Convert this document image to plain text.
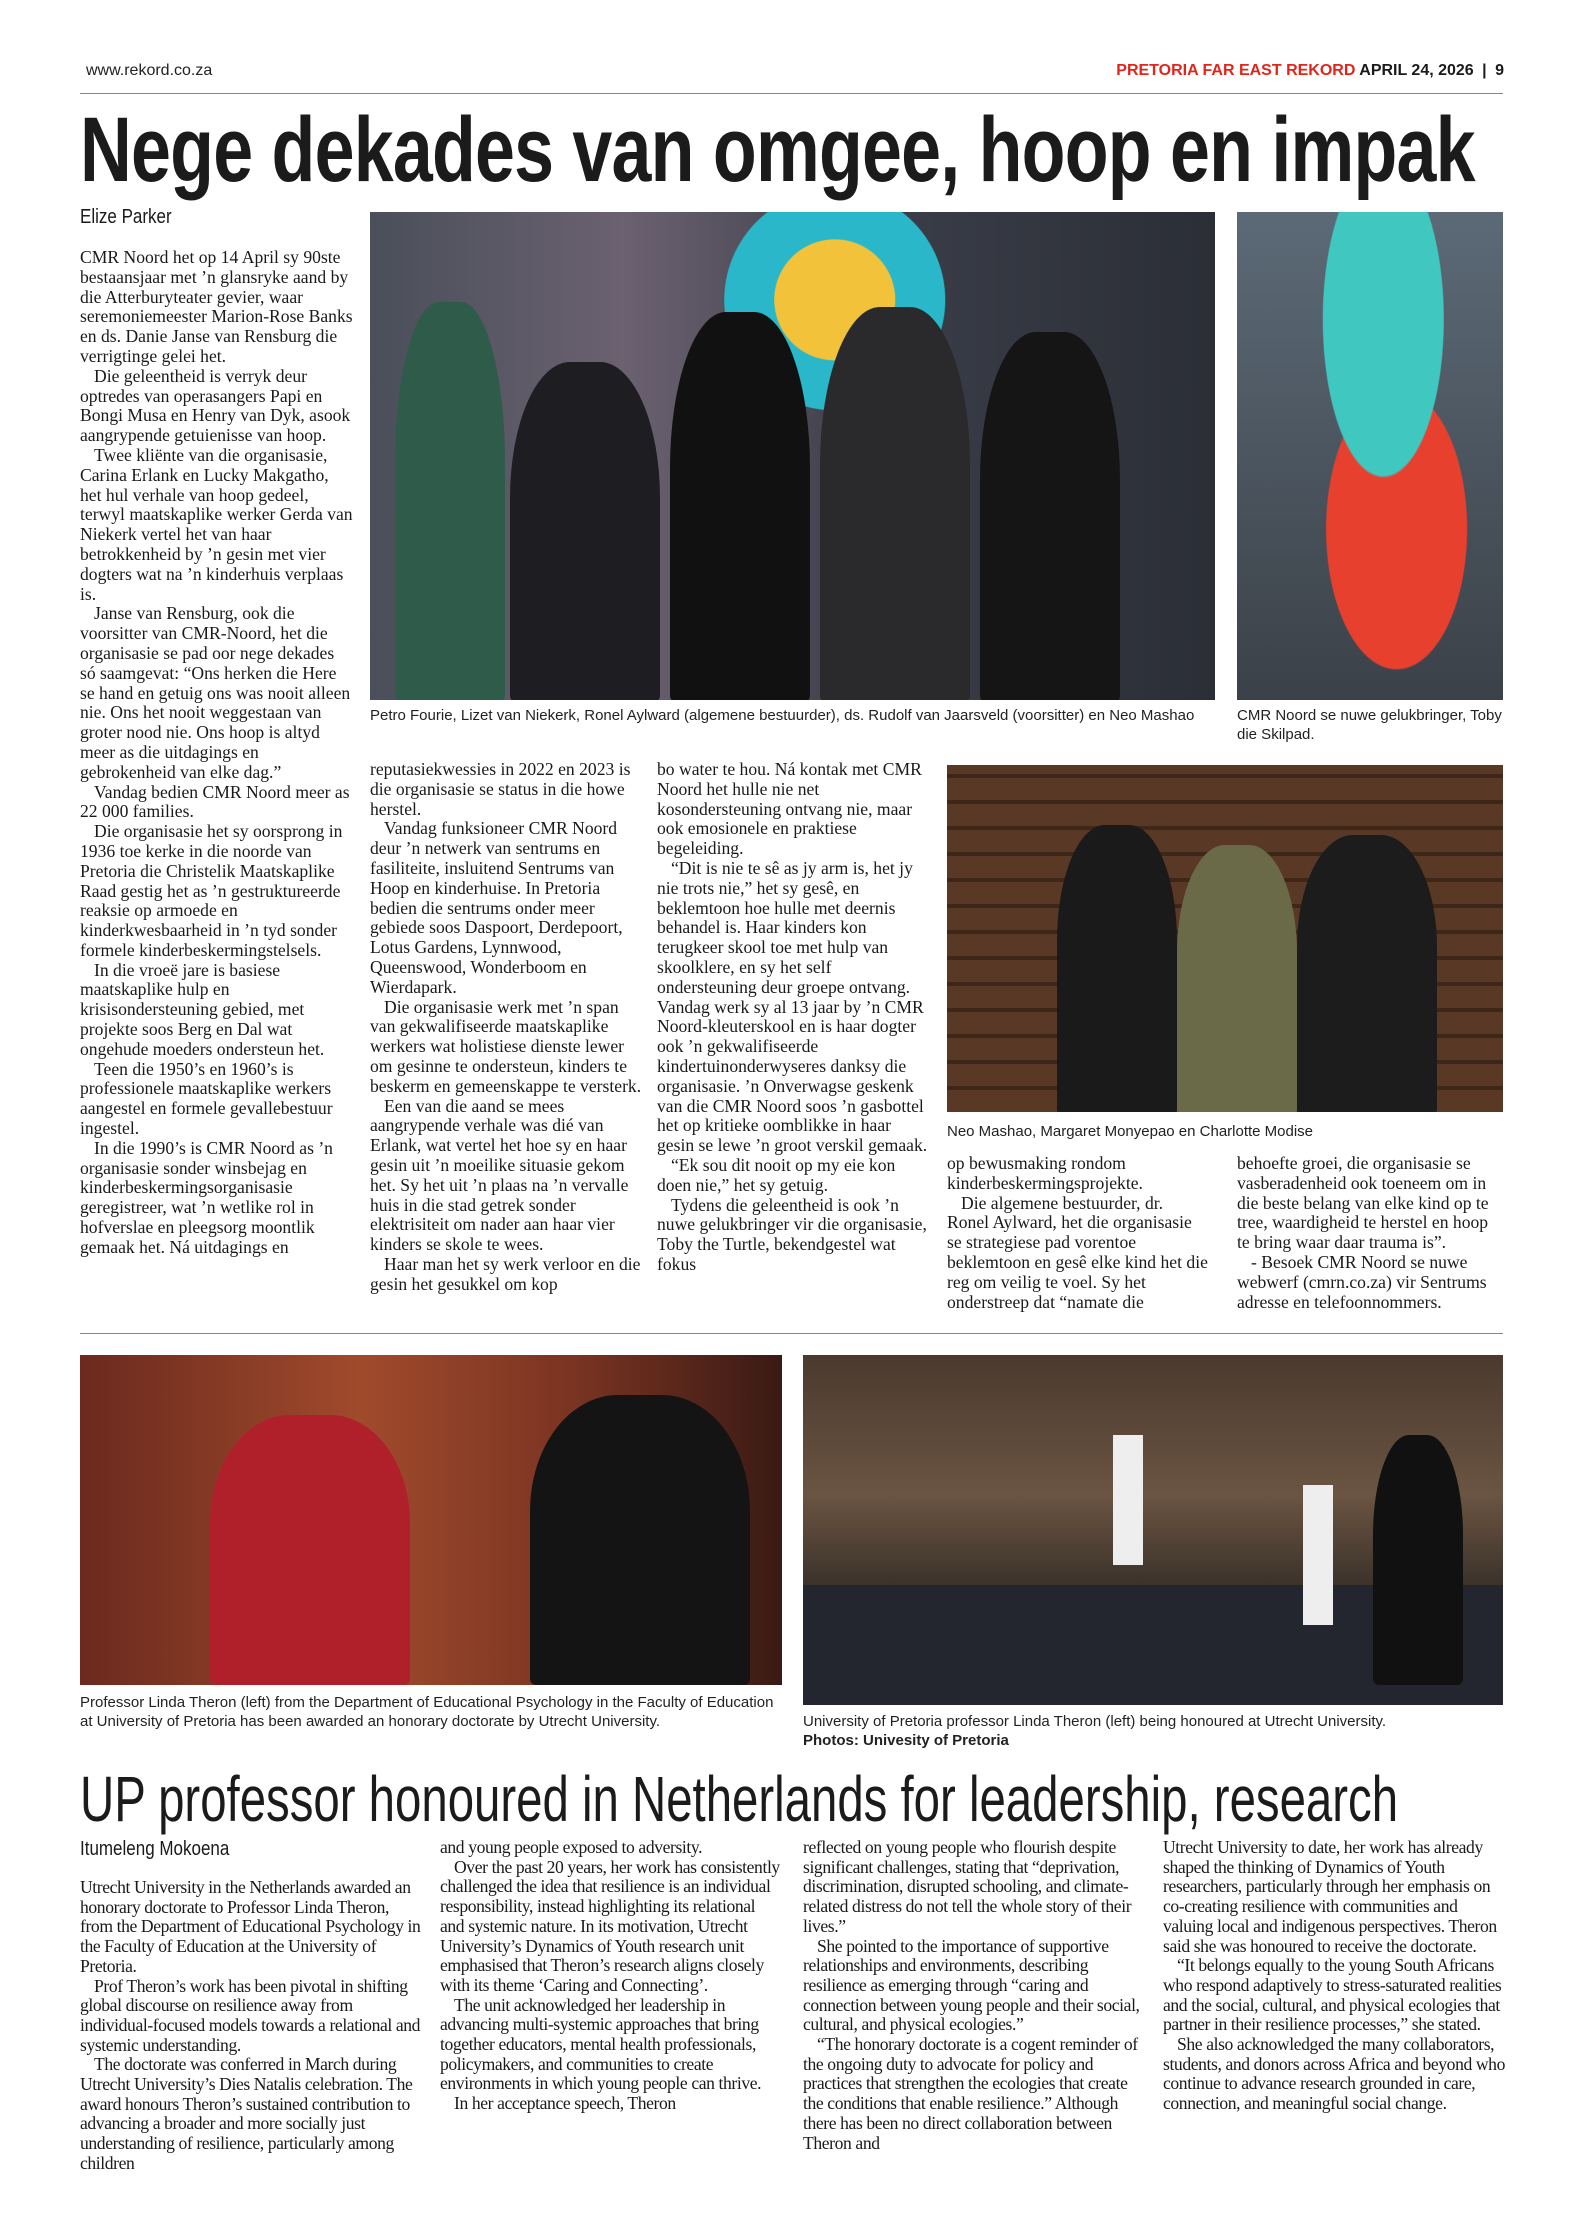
www.rekord.co.za	PRETORIA FAR EAST REKORD APRIL 24, 2026 | 9
Nege dekades van omgee, hoop en impak
Elize Parker

CMR Noord het op 14 April sy 90ste bestaansjaar met ’n glansryke aand by die Atterburyteater gevier, waar seremoniemeester Marion-Rose Banks en ds. Danie Janse van Rensburg die verrigtinge gelei het.

Die geleentheid is verryk deur optredes van operasangers Papi en Bongi Musa en Henry van Dyk, asook aangrypende getuienisse van hoop.

Twee kliënte van die organisasie, Carina Erlank en Lucky Makgatho, het hul verhale van hoop gedeel, terwyl maatskaplike werker Gerda van Niekerk vertel het van haar betrokkenheid by ’n gesin met vier dogters wat na ’n kinderhuis verplaas is.

Janse van Rensburg, ook die voorsitter van CMR-Noord, het die organisasie se pad oor nege dekades só saamgevat: “Ons herken die Here se hand en getuig ons was nooit alleen nie. Ons het nooit weggestaan van groter nood nie. Ons hoop is altyd meer as die uitdagings en gebrokenheid van elke dag.”

Vandag bedien CMR Noord meer as 22 000 families.

Die organisasie het sy oorsprong in 1936 toe kerke in die noorde van Pretoria die Christelik Maatskaplike Raad gestig het as ’n gestruktureerde reaksie op armoede en kinderkwesbaarheid in ’n tyd sonder formele kinderbeskermingstelsels.

In die vroeë jare is basiese maatskaplike hulp en krisisondersteuning gebied, met projekte soos Berg en Dal wat ongehude moeders ondersteun het.

Teen die 1950’s en 1960’s is professionele maatskaplike werkers aangestel en formele gevallebestuur ingestel.

In die 1990’s is CMR Noord as ’n organisasie sonder winsbejag en kinderbeskermingsorganisasie geregistreer, wat ’n wetlike rol in hofverslae en pleegsorg moontlik gemaak het. Ná uitdagings en

reputasiekwessies in 2022 en 2023 is die organisasie se status in die howe herstel.

Vandag funksioneer CMR Noord deur ’n netwerk van sentrums en fasiliteite, insluitend Sentrums van Hoop en kinderhuise. In Pretoria bedien die sentrums onder meer gebiede soos Daspoort, Derdepoort, Lotus Gardens, Lynnwood, Queenswood, Wonderboom en Wierdapark.

Die organisasie werk met ’n span van gekwalifiseerde maatskaplike werkers wat holistiese dienste lewer om gesinne te ondersteun, kinders te beskerm en gemeenskappe te versterk.

Een van die aand se mees aangrypende verhale was dié van Erlank, wat vertel het hoe sy en haar gesin uit ’n moeilike situasie gekom het. Sy het uit ’n plaas na ’n vervalle huis in die stad getrek sonder elektrisiteit om nader aan haar vier kinders se skole te wees.

Haar man het sy werk verloor en die gesin het gesukkel om kop

bo water te hou. Ná kontak met CMR Noord het hulle nie net kosondersteuning ontvang nie, maar ook emosionele en praktiese begeleiding.

“Dit is nie te sê as jy arm is, het jy nie trots nie,” het sy gesê, en beklemtoon hoe hulle met deernis behandel is. Haar kinders kon terugkeer skool toe met hulp van skoolklere, en sy het self ondersteuning deur groepe ontvang. Vandag werk sy al 13 jaar by ’n CMR Noord-kleuterskool en is haar dogter ook ’n gekwalifiseerde kindertuinonderwyseres danksy die organisasie. ’n Onverwagse geskenk van die CMR Noord soos ’n gasbottel het op kritieke oomblikke in haar gesin se lewe ’n groot verskil gemaak.

“Ek sou dit nooit op my eie kon doen nie,” het sy getuig.

Tydens die geleentheid is ook ’n nuwe gelukbringer vir die organisasie, Toby the Turtle, bekendgestel wat fokus

op bewusmaking rondom kinderbeskermingsprojekte.

Die algemene bestuurder, dr. Ronel Aylward, het die organisasie se strategiese pad vorentoe beklemtoon en gesê elke kind het die reg om veilig te voel. Sy het onderstreep dat “namate die

behoefte groei, die organisasie se vasberadenheid ook toeneem om in die beste belang van elke kind op te tree, waardigheid te herstel en hoop te bring waar daar trauma is”.

- Besoek CMR Noord se nuwe webwerf (cmrn.co.za) vir Sentrums adresse en telefoonnommers.

Petro Fourie, Lizet van Niekerk, Ronel Aylward (algemene bestuurder), ds. Rudolf van Jaarsveld (voorsitter) en Neo Mashao	CMR Noord se nuwe gelukbringer, Toby die Skilpad.
Neo Mashao, Margaret Monyepao en Charlotte Modise
Professor Linda Theron (left) from the Department of Educational Psychology in the Faculty of Education at University of Pretoria has been awarded an honorary doctorate by Utrecht University.	University of Pretoria professor Linda Theron (left) being honoured at Utrecht University.
Photos: Univesity of Pretoria
UP professor honoured in Netherlands for leadership, research
Itumeleng Mokoena

Utrecht University in the Netherlands awarded an honorary doctorate to Professor Linda Theron, from the Department of Educational Psychology in the Faculty of Education at the University of Pretoria.

Prof Theron’s work has been pivotal in shifting global discourse on resilience away from individual-focused models towards a relational and systemic understanding.

The doctorate was conferred in March during Utrecht University’s Dies Natalis celebration. The award honours Theron’s sustained contribution to advancing a broader and more socially just understanding of resilience, particularly among children

and young people exposed to adversity.

Over the past 20 years, her work has consistently challenged the idea that resilience is an individual responsibility, instead highlighting its relational and systemic nature. In its motivation, Utrecht University’s Dynamics of Youth research unit emphasised that Theron’s research aligns closely with its theme ‘Caring and Connecting’.

The unit acknowledged her leadership in advancing multi-systemic approaches that bring together educators, mental health professionals, policymakers, and communities to create environments in which young people can thrive.

In her acceptance speech, Theron

reflected on young people who flourish despite significant challenges, stating that “deprivation, discrimination, disrupted schooling, and climate-related distress do not tell the whole story of their lives.”

She pointed to the importance of supportive relationships and environments, describing resilience as emerging through “caring and connection between young people and their social, cultural, and physical ecologies.”

“The honorary doctorate is a cogent reminder of the ongoing duty to advocate for policy and practices that strengthen the ecologies that create the conditions that enable resilience.” Although there has been no direct collaboration between Theron and

Utrecht University to date, her work has already shaped the thinking of Dynamics of Youth researchers, particularly through her emphasis on co-creating resilience with communities and valuing local and indigenous perspectives. Theron said she was honoured to receive the doctorate.

“It belongs equally to the young South Africans who respond adaptively to stress-saturated realities and the social, cultural, and physical ecologies that partner in their resilience processes,” she stated.

She also acknowledged the many collaborators, students, and donors across Africa and beyond who continue to advance research grounded in care, connection, and meaningful social change.
